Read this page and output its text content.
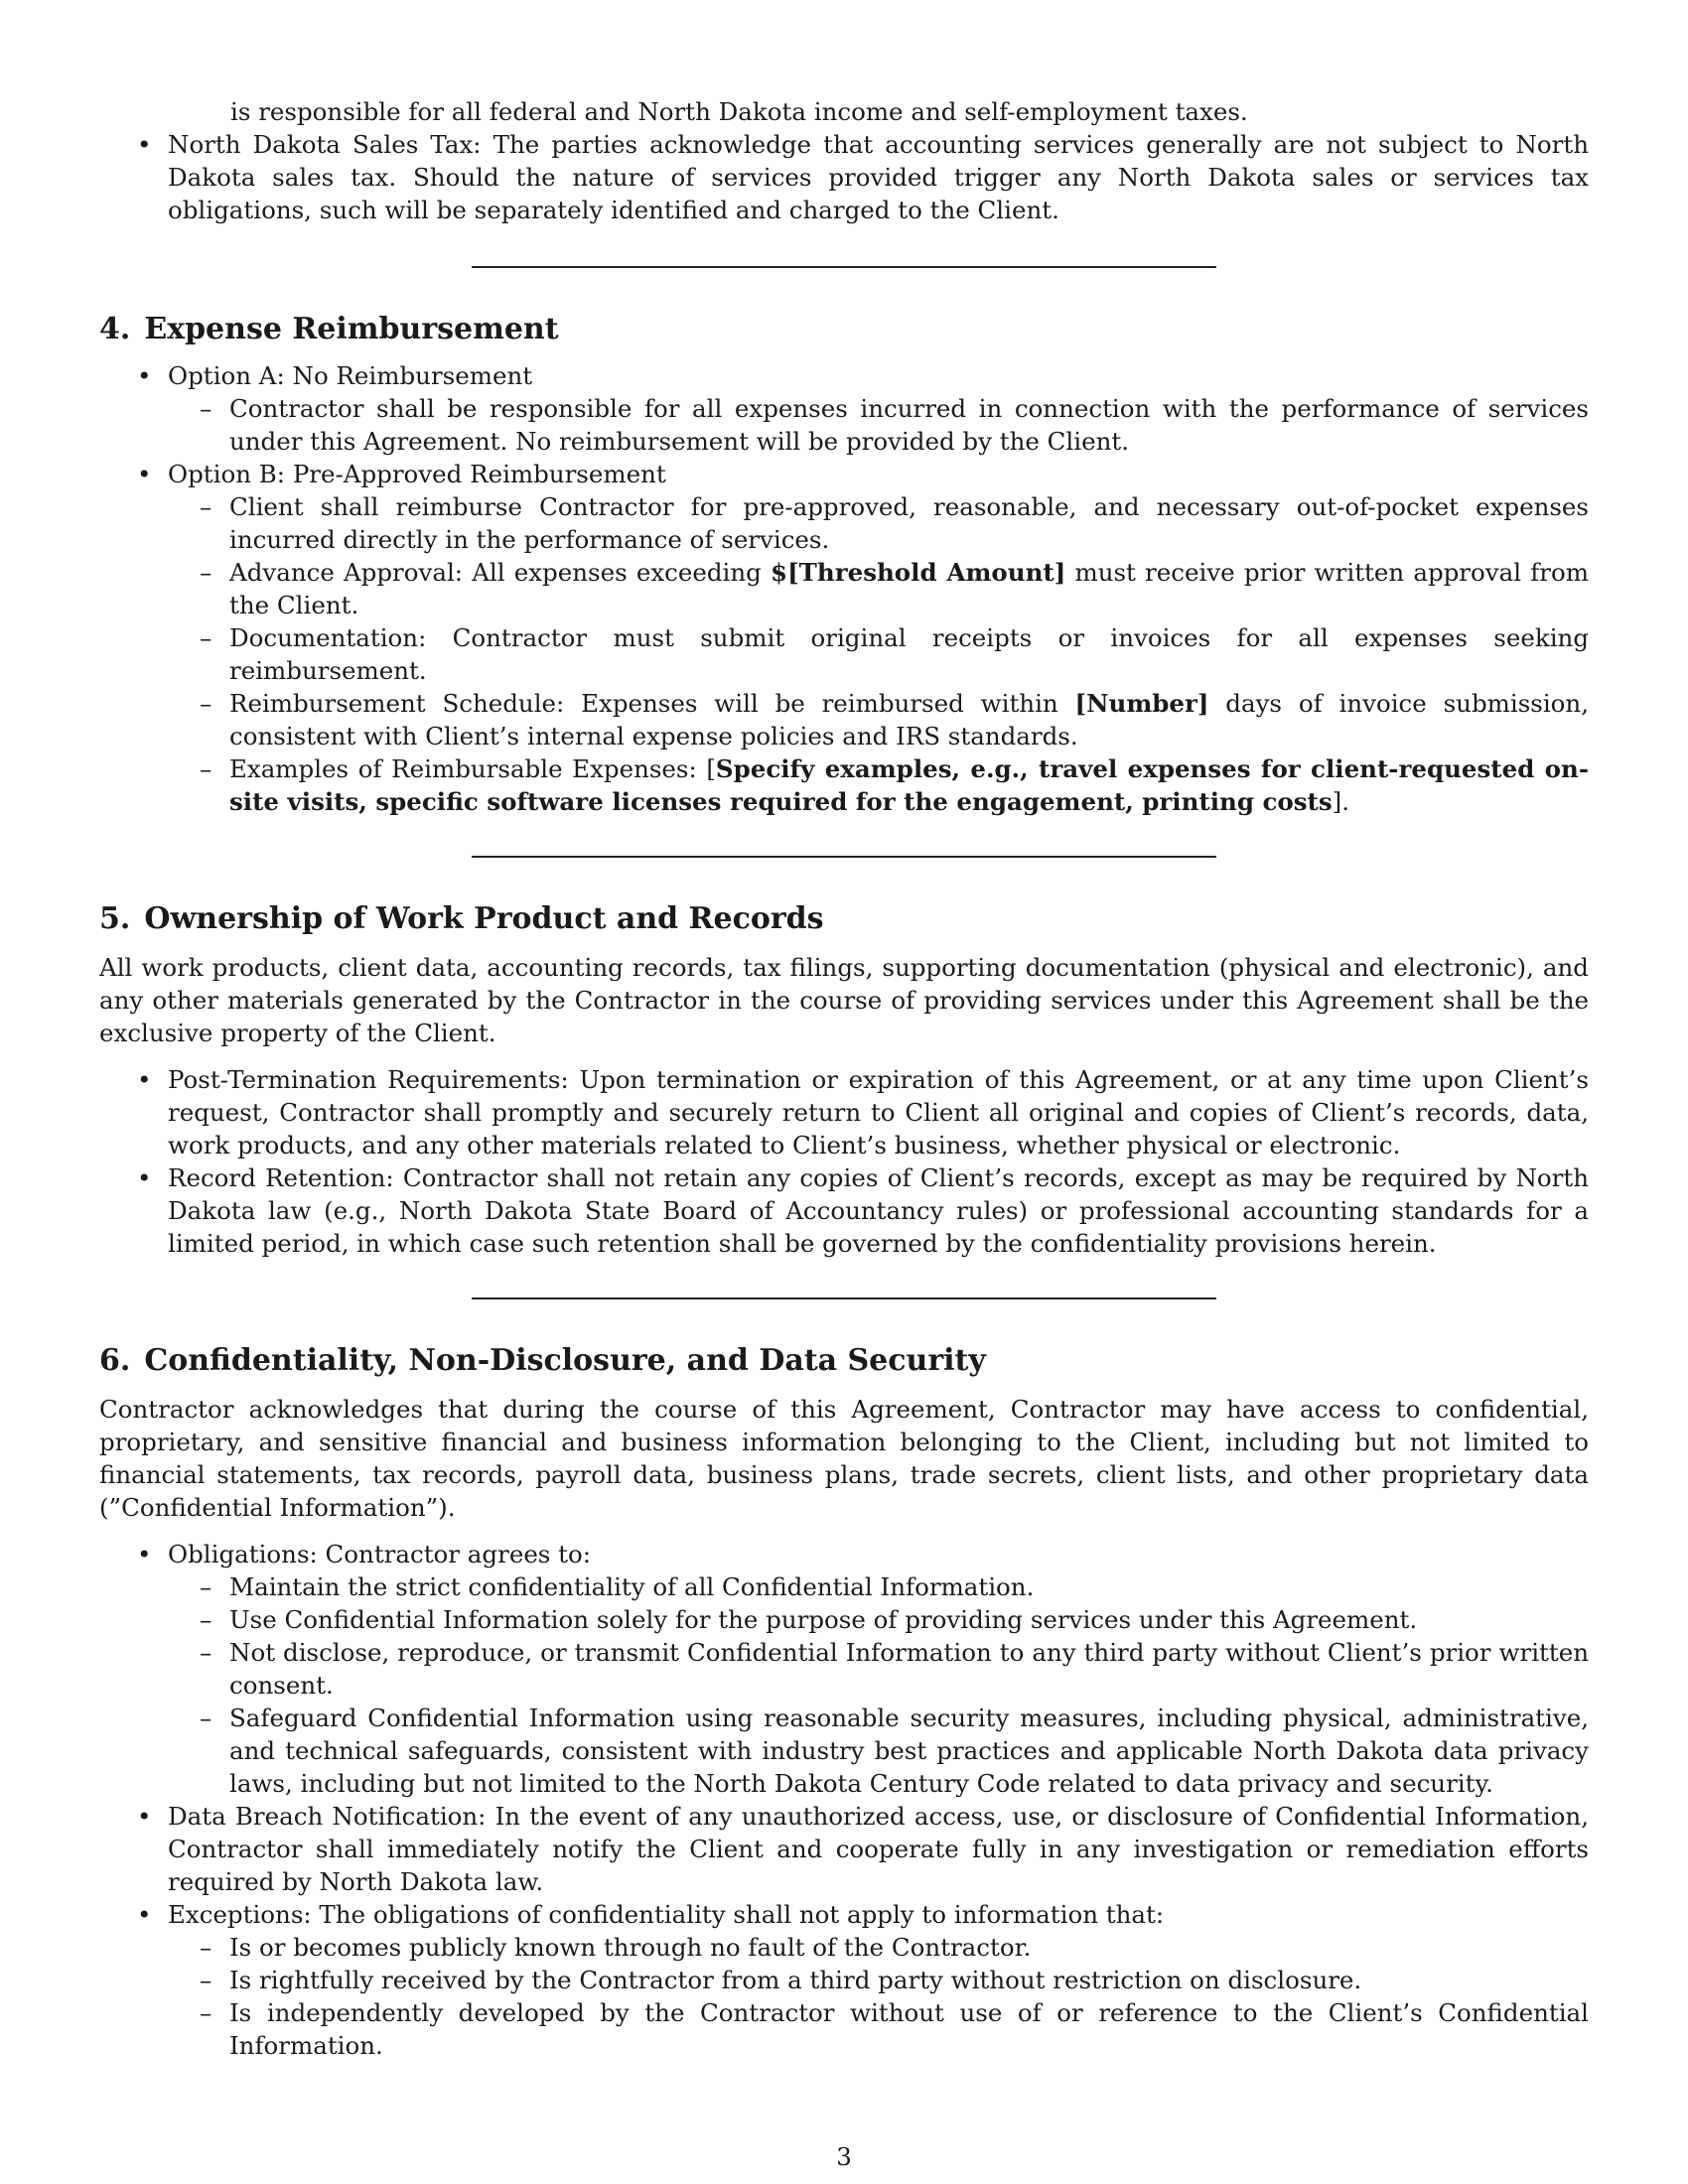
is responsible for all federal and North Dakota income and self-employment taxes.

• North Dakota Sales Tax: The parties acknowledge that accounting services generally are not subject to North Dakota sales tax. Should the nature of services provided trigger any North Dakota sales or services tax obligations, such will be separately identified and charged to the Client.
4. Expense Reimbursement
• Option A: No Reimbursement
– Contractor shall be responsible for all expenses incurred in connection with the performance of services under this Agreement. No reimbursement will be provided by the Client.
• Option B: Pre-Approved Reimbursement
– Client shall reimburse Contractor for pre-approved, reasonable, and necessary out-of-pocket expenses incurred directly in the performance of services.
– Advance Approval: All expenses exceeding $[Threshold Amount] must receive prior written approval from the Client.
– Documentation: Contractor must submit original receipts or invoices for all expenses seeking reimbursement.
– Reimbursement Schedule: Expenses will be reimbursed within [Number] days of invoice submission, consistent with Client’s internal expense policies and IRS standards.
– Examples of Reimbursable Expenses: [Specify examples, e.g., travel expenses for client-requested on-site visits, specific software licenses required for the engagement, printing costs].
5. Ownership of Work Product and Records

All work products, client data, accounting records, tax filings, supporting documentation (physical and electronic), and any other materials generated by the Contractor in the course of providing services under this Agreement shall be the exclusive property of the Client.

• Post-Termination Requirements: Upon termination or expiration of this Agreement, or at any time upon Client’s request, Contractor shall promptly and securely return to Client all original and copies of Client’s records, data, work products, and any other materials related to Client’s business, whether physical or electronic.
• Record Retention: Contractor shall not retain any copies of Client’s records, except as may be required by North Dakota law (e.g., North Dakota State Board of Accountancy rules) or professional accounting standards for a limited period, in which case such retention shall be governed by the confidentiality provisions herein.
6. Confidentiality, Non-Disclosure, and Data Security

Contractor acknowledges that during the course of this Agreement, Contractor may have access to confidential, proprietary, and sensitive financial and business information belonging to the Client, including but not limited to financial statements, tax records, payroll data, business plans, trade secrets, client lists, and other proprietary data (”Confidential Information”).

• Obligations: Contractor agrees to:
– Maintain the strict confidentiality of all Confidential Information.
– Use Confidential Information solely for the purpose of providing services under this Agreement.
– Not disclose, reproduce, or transmit Confidential Information to any third party without Client’s prior written consent.
– Safeguard Confidential Information using reasonable security measures, including physical, administrative, and technical safeguards, consistent with industry best practices and applicable North Dakota data privacy laws, including but not limited to the North Dakota Century Code related to data privacy and security.
• Data Breach Notification: In the event of any unauthorized access, use, or disclosure of Confidential Information, Contractor shall immediately notify the Client and cooperate fully in any investigation or remediation efforts required by North Dakota law.
• Exceptions: The obligations of confidentiality shall not apply to information that:
– Is or becomes publicly known through no fault of the Contractor.
– Is rightfully received by the Contractor from a third party without restriction on disclosure.
– Is independently developed by the Contractor without use of or reference to the Client’s Confidential Information.
3
